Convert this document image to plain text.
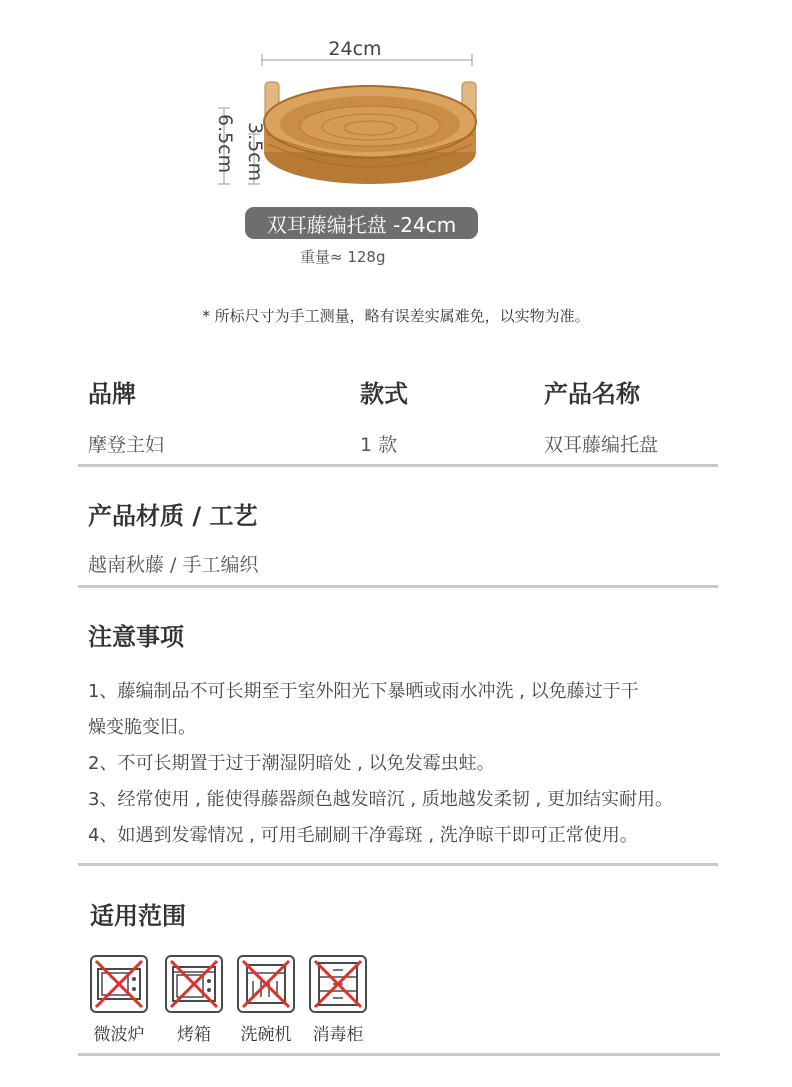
24cm
6.5cm 3.5cm
双耳藤编托盘 -24cm
重量≈ 128g
* 所标尺寸为手工测量，略有误差实属难免，以实物为准。
品牌	款式	产品名称
摩登主妇	1 款	双耳藤编托盘
产品材质 / 工艺
越南秋藤 / 手工编织
注意事项
1、藤编制品不可长期至于室外阳光下暴晒或雨水冲洗 , 以免藤过于干
燥变脆变旧。
2、不可长期置于过于潮湿阴暗处 , 以免发霉虫蛀。
3、经常使用 , 能使得藤器颜色越发暗沉 , 质地越发柔韧 , 更加结实耐用。
4、如遇到发霉情况 , 可用毛刷刷干净霉斑 , 洗净晾干即可正常使用。
适用范围
微波炉	烤箱	洗碗机	消毒柜
